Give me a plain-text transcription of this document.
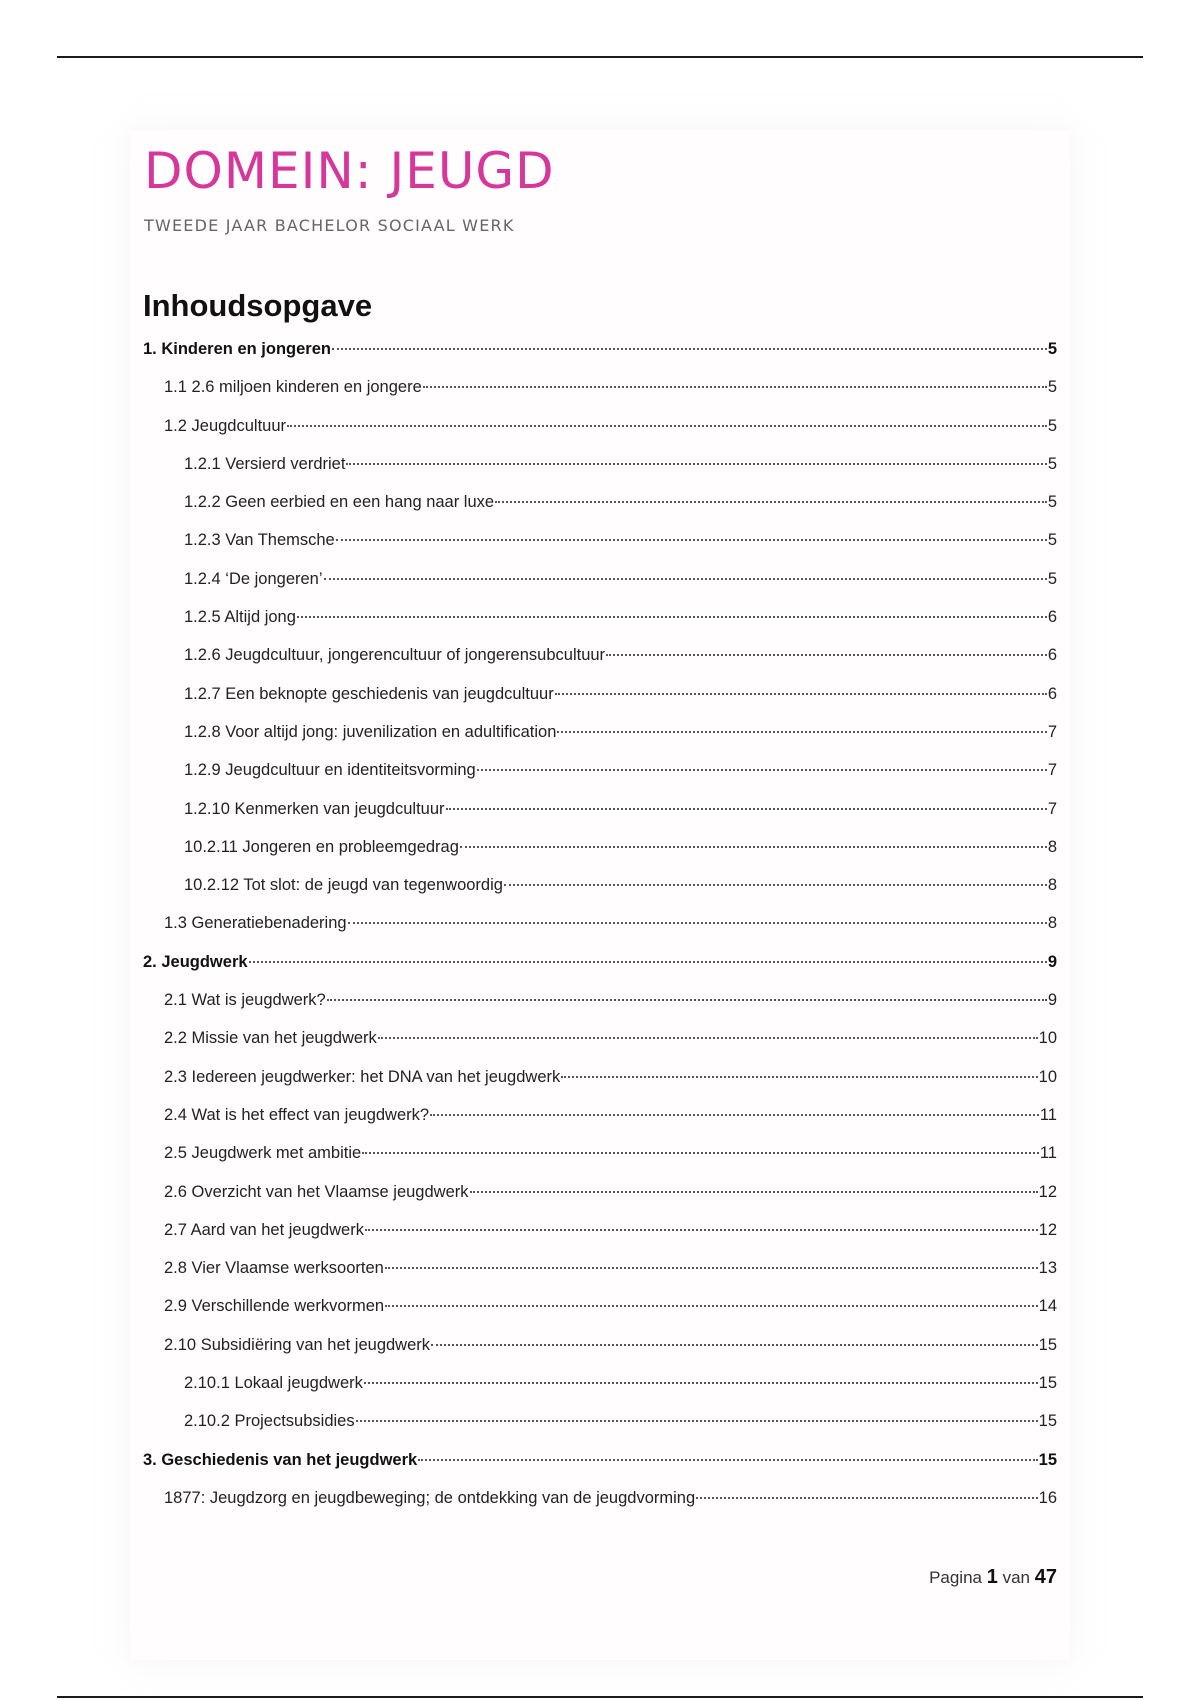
DOMEIN: JEUGD
TWEEDE JAAR BACHELOR SOCIAAL WERK
Inhoudsopgave
1. Kinderen en jongeren	5
1.1 2.6 miljoen kinderen en jongere	5
1.2 Jeugdcultuur	5
1.2.1 Versierd verdriet	5
1.2.2 Geen eerbied en een hang naar luxe	5
1.2.3 Van Themsche	5
1.2.4 ‘De jongeren’	5
1.2.5 Altijd jong	6
1.2.6 Jeugdcultuur, jongerencultuur of jongerensubcultuur	6
1.2.7 Een beknopte geschiedenis van jeugdcultuur	6
1.2.8 Voor altijd jong: juvenilization en adultification	7
1.2.9 Jeugdcultuur en identiteitsvorming	7
1.2.10 Kenmerken van jeugdcultuur	7
10.2.11 Jongeren en probleemgedrag	8
10.2.12 Tot slot: de jeugd van tegenwoordig	8
1.3 Generatiebenadering	8
2. Jeugdwerk	9
2.1 Wat is jeugdwerk?	9
2.2 Missie van het jeugdwerk	10
2.3 Iedereen jeugdwerker: het DNA van het jeugdwerk	10
2.4 Wat is het effect van jeugdwerk?	11
2.5 Jeugdwerk met ambitie	11
2.6 Overzicht van het Vlaamse jeugdwerk	12
2.7 Aard van het jeugdwerk	12
2.8 Vier Vlaamse werksoorten	13
2.9 Verschillende werkvormen	14
2.10 Subsidiëring van het jeugdwerk	15
2.10.1 Lokaal jeugdwerk	15
2.10.2 Projectsubsidies	15
3. Geschiedenis van het jeugdwerk	15
1877: Jeugdzorg en jeugdbeweging; de ontdekking van de jeugdvorming	16
Pagina 1 van 47
